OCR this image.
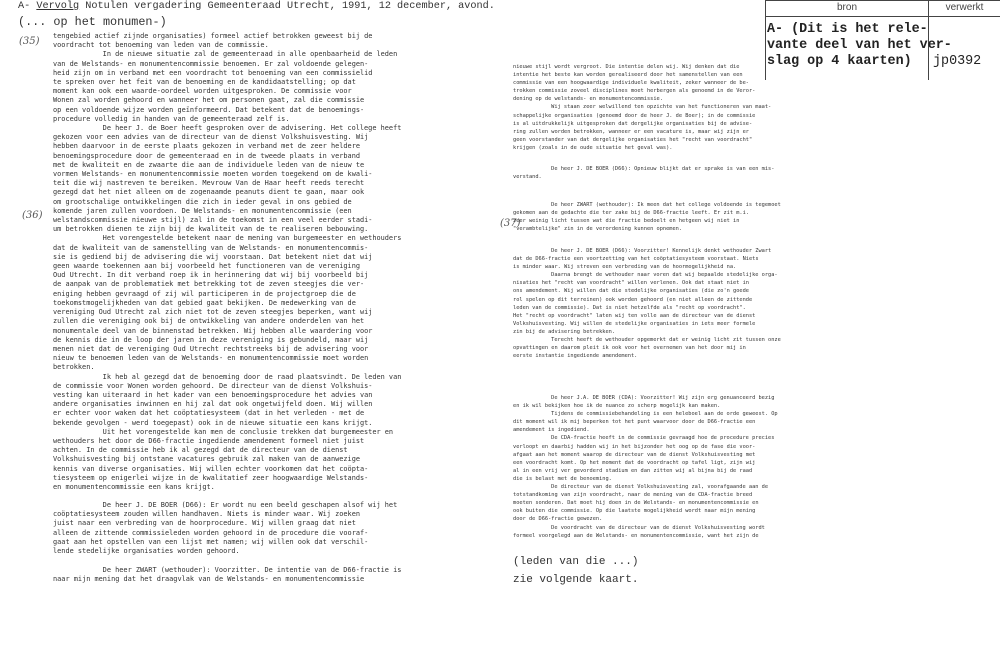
A- Vervolg Notulen vergadering Gemeenteraad Utrecht, 1991, 12 december, avond.
(... op het monumen-)
bron	verwerkt
A- (Dit is het rele-
vante deel van het ver-
slag op 4 kaarten)	jp0392
(35)
(36)
(37)
tengebied actief zijnde organisaties) formeel actief betrokken geweest bij de
voordracht tot benoeming van leden van de commissie.
In de nieuwe situatie zal de gemeenteraad in alle openbaarheid de leden
van de Welstands- en monumentencommissie benoemen. Er zal voldoende gelegen-
heid zijn om in verband met een voordracht tot benoeming van een commissielid
te spreken over het feit van de benoeming en de kandidaatstelling; op dat
moment kan ook een waarde-oordeel worden uitgesproken. De commissie voor
Wonen zal worden gehoord en wanneer het om personen gaat, zal die commissie
op een voldoende wijze worden geïnformeerd. Dat betekent dat de benoemings-
procedure volledig in handen van de gemeenteraad zelf is.
De heer J. de Boer heeft gesproken over de advisering. Het college heeft
gekozen voor een advies van de directeur van de dienst Volkshuisvesting. Wij
hebben daarvoor in de eerste plaats gekozen in verband met de zeer heldere
benoemingsprocedure door de gemeenteraad en in de tweede plaats in verband
met de kwaliteit en de zwaarte die aan de individuele leden van de nieuw te
vormen Welstands- en monumentencommissie moeten worden toegekend om de kwali-
teit die wij nastreven te bereiken. Mevrouw Van de Haar heeft reeds terecht
gezegd dat het niet alleen om de zogenaamde peanuts dient te gaan, maar ook
om grootschalige ontwikkelingen die zich in ieder geval in ons gebied de
komende jaren zullen voordoen. De Welstands- en monumentencommissie (een
welstandscommissie nieuwe stijl) zal in de toekomst in een veel eerder stadi-
um betrokken dienen te zijn bij de kwaliteit van de te realiseren bebouwing.
Het vorengestelde betekent naar de mening van burgemeester en wethouders
dat de kwaliteit van de samenstelling van de Welstands- en monumentencommis-
sie is gediend bij de advisering die wij voorstaan. Dat betekent niet dat wij
geen waarde toekennen aan bij voorbeeld het functioneren van de vereniging
Oud Utrecht. In dit verband roep ik in herinnering dat wij bij voorbeeld bij
de aanpak van de problematiek met betrekking tot de zeven steegjes die ver-
eniging hebben gevraagd of zij wil participeren in de projectgroep die de
toekomstmogelijkheden van dat gebied gaat bekijken. De medewerking van de
vereniging Oud Utrecht zal zich niet tot de zeven steegjes beperken, want wij
zullen die vereniging ook bij de ontwikkeling van andere onderdelen van het
monumentale deel van de binnenstad betrekken. Wij hebben alle waardering voor
de kennis die in de loop der jaren in deze vereniging is gebundeld, maar wij
menen niet dat de vereniging Oud Utrecht rechtstreeks bij de advisering voor
nieuw te benoemen leden van de Welstands- en monumentencommissie moet worden
betrokken.
Ik heb al gezegd dat de benoeming door de raad plaatsvindt. De leden van
de commissie voor Wonen worden gehoord. De directeur van de dienst Volkshuis-
vesting kan uiteraard in het kader van een benoemingsprocedure het advies van
andere organisaties inwinnen en hij zal dat ook ongetwijfeld doen. Wij willen
er echter voor waken dat het coöptatiesysteem (dat in het verleden - met de
bekende gevolgen - werd toegepast) ook in de nieuwe situatie een kans krijgt.
Uit het vorengestelde kan men de conclusie trekken dat burgemeester en
wethouders het door de D66-fractie ingediende amendement formeel niet juist
achten. In de commissie heb ik al gezegd dat de directeur van de dienst
Volkshuisvesting bij ontstane vacatures gebruik zal maken van de aanwezige
kennis van diverse organisaties. Wij willen echter voorkomen dat het coöpta-
tiesysteem op enigerlei wijze in de kwalitatief zeer hoogwaardige Welstands-
en monumentencommissie een kans krijgt.
De heer J. DE BOER (D66): Er wordt nu een beeld geschapen alsof wij het
coöptatiesysteem zouden willen handhaven. Niets is minder waar. Wij zoeken
juist naar een verbreding van de hoorprocedure. Wij willen graag dat niet
alleen de zittende commissieleden worden gehoord in de procedure die vooraf-
gaat aan het opstellen van een lijst met namen; wij willen ook dat verschil-
lende stedelijke organisaties worden gehoord.
De heer ZWART (wethouder): Voorzitter. De intentie van de D66-fractie is
naar mijn mening dat het draagvlak van de Welstands- en monumentencommissie
nieuwe stijl wordt vergroot. Die intentie delen wij. Wij denken dat die
intentie het beste kan worden gerealiseerd door het samenstellen van een
commissie van een hoogwaardige individuele kwaliteit, zeker wanneer de be-
trokken commissie zoveel disciplines moet herbergen als genoemd in de Veror-
dening op de welstands- en monumentencommissie.
Wij staan zeer welwillend ten opzichte van het functioneren van maat-
schappelijke organisaties (genoemd door de heer J. de Boer); in de commissie
is al uitdrukkelijk uitgesproken dat dergelijke organisaties bij de advise-
ring zullen worden betrokken, wanneer er een vacature is, maar wij zijn er
geen voorstander van dat dergelijke organisaties het "recht van voordracht"
krijgen (zoals in de oude situatie het geval was).
De heer J. DE BOER (D66): Opnieuw blijkt dat er sprake is van een mis-
verstand.
De heer ZWART (wethouder): Ik meen dat het college voldoende is tegemoet
gekomen aan de gedachte die ter zake bij de D66-fractie leeft. Er zit m.i.
zeer weinig licht tussen wat die fractie bedoelt en hetgeen wij niet in
"verambtelijke" zin in de verordening kunnen opnemen.
De heer J. DE BOER (D66): Voorzitter! Kennelijk denkt wethouder Zwart
dat de D66-fractie een voortzetting van het coöptatiesysteem voorstaat. Niets
is minder waar. Wij streven een verbreding van de hoormogelijkheid na.
Daarna brengt de wethouder naar voren dat wij bepaalde stedelijke orga-
nisaties het "recht van voordracht" willen verlenen. Ook dat staat niet in
ons amendement. Wij willen dat die stedelijke organisaties (die zo'n goede
rol spelen op dit terreinen) ook worden gehoord (en niet alleen de zittende
leden van de commissie). Dat is niet hetzelfde als "recht op voordracht".
Het "recht op voordracht" laten wij ten volle aan de directeur van de dienst
Volkshuisvesting. Wij willen de stedelijke organisaties in iets meer formele
zin bij de advisering betrekken.
Terecht heeft de wethouder opgemerkt dat er weinig licht zit tussen onze
opvattingen en daarom pleit ik ook voor het overnemen van het door mij in
eerste instantie ingediende amendement.
De heer J.A. DE BOER (CDA): Voorzitter! Wij zijn erg genuanceerd bezig
en ik wil bekijken hoe ik de nuance zo scherp mogelijk kan maken.
Tijdens de commissiebehandeling is een heleboel aan de orde geweest. Op
dit moment wil ik mij beperken tot het punt waarvoor door de D66-fractie een
amendement is ingediend.
De CDA-fractie heeft in de commissie gevraagd hoe de procedure precies
verloopt en daarbij hadden wij in het bijzonder het oog op de fase die voor-
afgaat aan het moment waarop de directeur van de dienst Volkshuisvesting met
een voordracht komt. Op het moment dat de voordracht op tafel ligt, zijn wij
al in een vrij ver gevorderd stadium en dan zitten wij al bijna bij de raad
die is belast met de benoeming.
De directeur van de dienst Volkshuisvesting zal, voorafgaande aan de
totstandkoming van zijn voordracht, naar de mening van de CDA-fractie breed
moeten sonderen. Dat moet hij doen in de Welstands- en monumentencommissie en
ook buiten die commissie. Op die laatste mogelijkheid wordt naar mijn mening
door de D66-fractie gewezen.
De voordracht van de directeur van de dienst Volkshuisvesting wordt
formeel voorgelegd aan de Welstands- en monumentencommissie, want het zijn de
(leden van die ...)
zie volgende kaart.
